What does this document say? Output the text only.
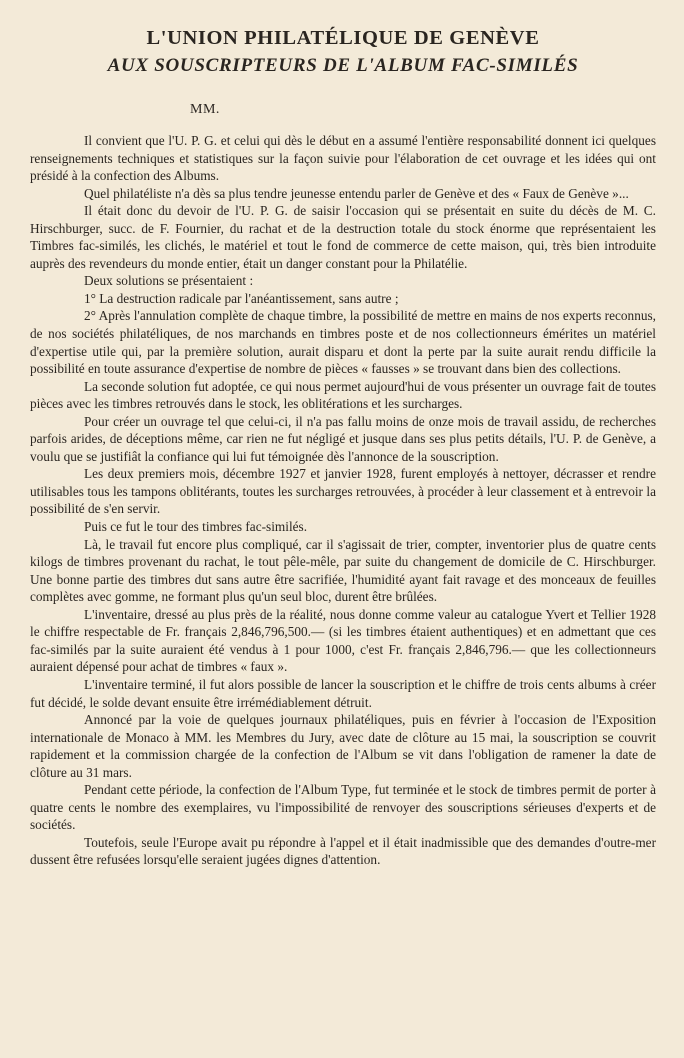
L'UNION PHILATÉLIQUE DE GENÈVE
AUX SOUSCRIPTEURS DE L'ALBUM FAC-SIMILÉS
MM.

Il convient que l'U. P. G. et celui qui dès le début en a assumé l'entière responsabilité donnent ici quelques renseignements techniques et statistiques sur la façon suivie pour l'élaboration de cet ouvrage et les idées qui ont présidé à la confection des Albums.

Quel philatéliste n'a dès sa plus tendre jeunesse entendu parler de Genève et des « Faux de Genève »...

Il était donc du devoir de l'U. P. G. de saisir l'occasion qui se présentait en suite du décès de M. C. Hirschburger, succ. de F. Fournier, du rachat et de la destruction totale du stock énorme que représentaient les Timbres fac-similés, les clichés, le matériel et tout le fond de commerce de cette maison, qui, très bien introduite auprès des revendeurs du monde entier, était un danger constant pour la Philatélie.

Deux solutions se présentaient :

1° La destruction radicale par l'anéantissement, sans autre ;

2° Après l'annulation complète de chaque timbre, la possibilité de mettre en mains de nos experts reconnus, de nos sociétés philatéliques, de nos marchands en timbres poste et de nos collectionneurs émérites un matériel d'expertise utile qui, par la première solution, aurait disparu et dont la perte par la suite aurait rendu difficile la possibilité en toute assurance d'expertise de nombre de pièces « fausses » se trouvant dans bien des collections.

La seconde solution fut adoptée, ce qui nous permet aujourd'hui de vous présenter un ouvrage fait de toutes pièces avec les timbres retrouvés dans le stock, les oblitérations et les surcharges.

Pour créer un ouvrage tel que celui-ci, il n'a pas fallu moins de onze mois de travail assidu, de recherches parfois arides, de déceptions même, car rien ne fut négligé et jusque dans ses plus petits détails, l'U. P. de Genève, a voulu que se justifiât la confiance qui lui fut témoignée dès l'annonce de la souscription.

Les deux premiers mois, décembre 1927 et janvier 1928, furent employés à nettoyer, décrasser et rendre utilisables tous les tampons oblitérants, toutes les surcharges retrouvées, à procéder à leur classement et à entrevoir la possibilité de s'en servir.

Puis ce fut le tour des timbres fac-similés.

Là, le travail fut encore plus compliqué, car il s'agissait de trier, compter, inventorier plus de quatre cents kilogs de timbres provenant du rachat, le tout pêle-mêle, par suite du changement de domicile de C. Hirschburger. Une bonne partie des timbres dut sans autre être sacrifiée, l'humidité ayant fait ravage et des monceaux de feuilles complètes avec gomme, ne formant plus qu'un seul bloc, durent être brûlées.

L'inventaire, dressé au plus près de la réalité, nous donne comme valeur au catalogue Yvert et Tellier 1928 le chiffre respectable de Fr. français 2,846,796,500.— (si les timbres étaient authentiques) et en admettant que ces fac-similés par la suite auraient été vendus à 1 pour 1000, c'est Fr. français 2,846,796.— que les collectionneurs auraient dépensé pour achat de timbres « faux ».

L'inventaire terminé, il fut alors possible de lancer la souscription et le chiffre de trois cents albums à créer fut décidé, le solde devant ensuite être irrémédiablement détruit.

Annoncé par la voie de quelques journaux philatéliques, puis en février à l'occasion de l'Exposition internationale de Monaco à MM. les Membres du Jury, avec date de clôture au 15 mai, la souscription se couvrit rapidement et la commission chargée de la confection de l'Album se vit dans l'obligation de ramener la date de clôture au 31 mars.

Pendant cette période, la confection de l'Album Type, fut terminée et le stock de timbres permit de porter à quatre cents le nombre des exemplaires, vu l'impossibilité de renvoyer des souscriptions sérieuses d'experts et de sociétés.

Toutefois, seule l'Europe avait pu répondre à l'appel et il était inadmissible que des demandes d'outre-mer dussent être refusées lorsqu'elle seraient jugées dignes d'attention.
